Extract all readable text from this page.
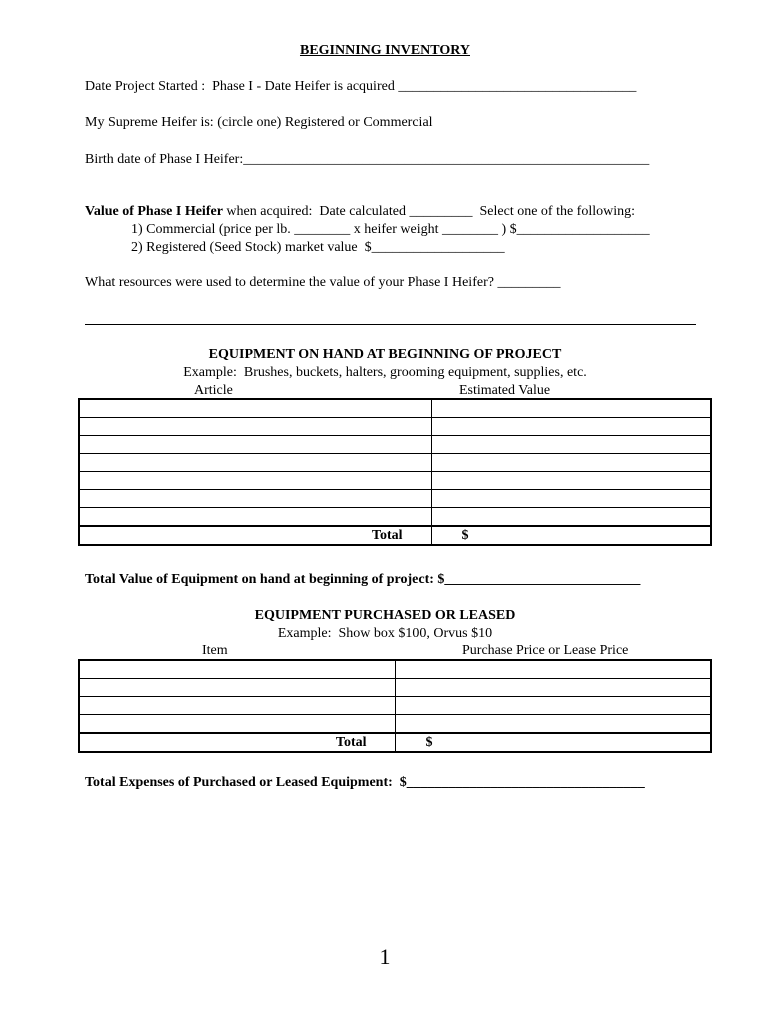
BEGINNING INVENTORY
Date Project Started :  Phase I - Date Heifer is acquired __________________________________
My Supreme Heifer is: (circle one) Registered or Commercial
Birth date of Phase I Heifer:__________________________________________________________
Value of Phase I Heifer when acquired:  Date calculated _________  Select one of the following:
1) Commercial (price per lb. ________ x heifer weight ________ ) $___________________
2) Registered (Seed Stock) market value  $___________________
What resources were used to determine the value of your Phase I Heifer? _________
EQUIPMENT ON HAND AT BEGINNING OF PROJECT
Example:  Brushes, buckets, halters, grooming equipment, supplies, etc.
Article	Estimated Value

Total	$
Total Value of Equipment on hand at beginning of project: $____________________________
EQUIPMENT PURCHASED OR LEASED
Example:  Show box $100, Orvus $10
Item	Purchase Price or Lease Price

Total	$
Total Expenses of Purchased or Leased Equipment:  $__________________________________
1
